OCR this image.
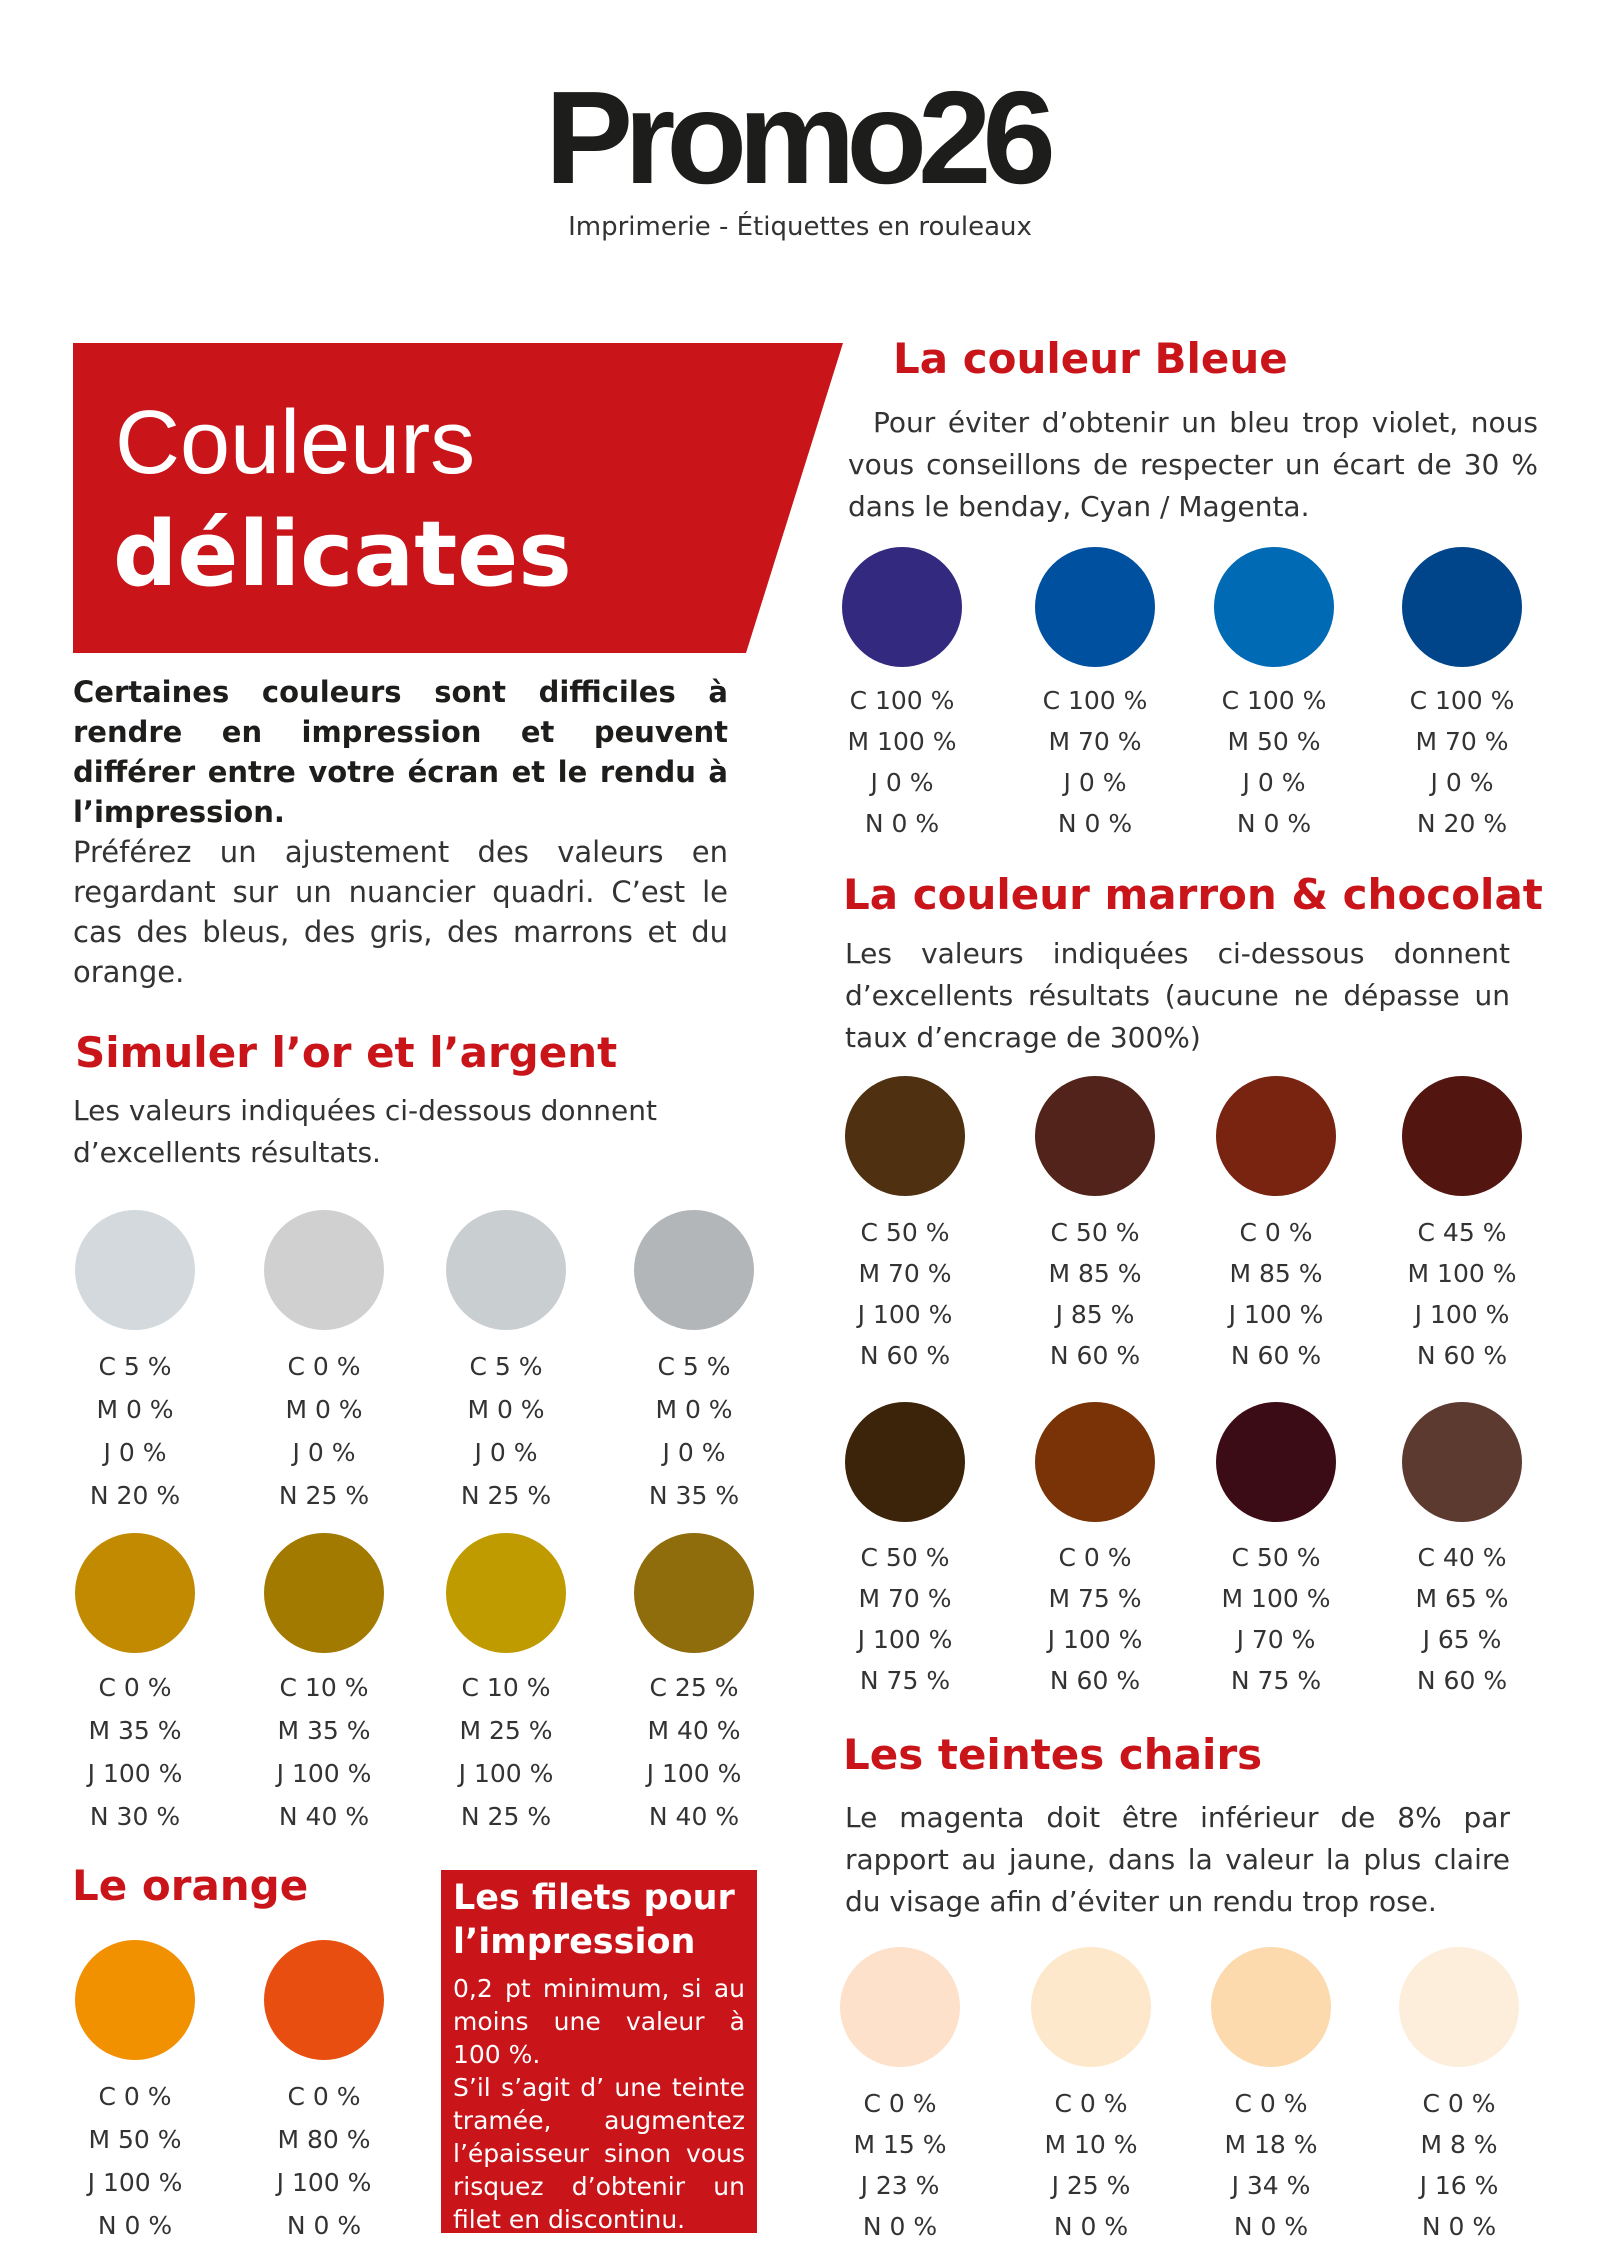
Promo26
Imprimerie - Étiquettes en rouleaux
Couleurs
délicates
Certaines couleurs sont difficiles à rendre en impression et peuvent différer entre votre écran et le rendu à l’impression.
Préférez un ajustement des valeurs en regardant sur un nuancier quadri. C’est le cas des bleus, des gris, des marrons et du orange.
Simuler l’or et l’argent
Les valeurs indiquées ci-dessous donnent d’excellents résultats.
Le orange	Les filets pour l’impression
0,2 pt minimum, si au moins une valeur à 100 %.
S’il s’agit d’ une teinte tramée, augmentez l’épaisseur sinon vous risquez d’obtenir un filet en discontinu.
La couleur Bleue
Pour éviter d’obtenir un bleu trop violet, nous vous conseillons de respecter un écart de 30 % dans le benday, Cyan / Magenta.
La couleur marron & chocolat
Les valeurs indiquées ci-dessous donnent d’excellents résultats (aucune ne dépasse un taux d’encrage de 300%)
Les teintes chairs
Le magenta doit être inférieur de 8% par rapport au jaune, dans la valeur la plus claire du visage afin d’éviter un rendu trop rose.
C 5 %
M 0 %
J 0 %
N 20 %
C 0 %
M 0 %
J 0 %
N 25 %
C 5 %
M 0 %
J 0 %
N 25 %
C 5 %
M 0 %
J 0 %
N 35 %
C 0 %
M 35 %
J 100 %
N 30 %
C 10 %
M 35 %
J 100 %
N 40 %
C 10 %
M 25 %
J 100 %
N 25 %
C 25 %
M 40 %
J 100 %
N 40 %
C 0 %
M 50 %
J 100 %
N 0 %
C 0 %
M 80 %
J 100 %
N 0 %
C 100 %
M 100 %
J 0 %
N 0 %
C 100 %
M 70 %
J 0 %
N 0 %
C 100 %
M 50 %
J 0 %
N 0 %
C 100 %
M 70 %
J 0 %
N 20 %
C 50 %
M 70 %
J 100 %
N 60 %
C 50 %
M 85 %
J 85 %
N 60 %
C 0 %
M 85 %
J 100 %
N 60 %
C 45 %
M 100 %
J 100 %
N 60 %
C 50 %
M 70 %
J 100 %
N 75 %
C 0 %
M 75 %
J 100 %
N 60 %
C 50 %
M 100 %
J 70 %
N 75 %
C 40 %
M 65 %
J 65 %
N 60 %
C 0 %
M 15 %
J 23 %
N 0 %
C 0 %
M 10 %
J 25 %
N 0 %
C 0 %
M 18 %
J 34 %
N 0 %
C 0 %
M 8 %
J 16 %
N 0 %
